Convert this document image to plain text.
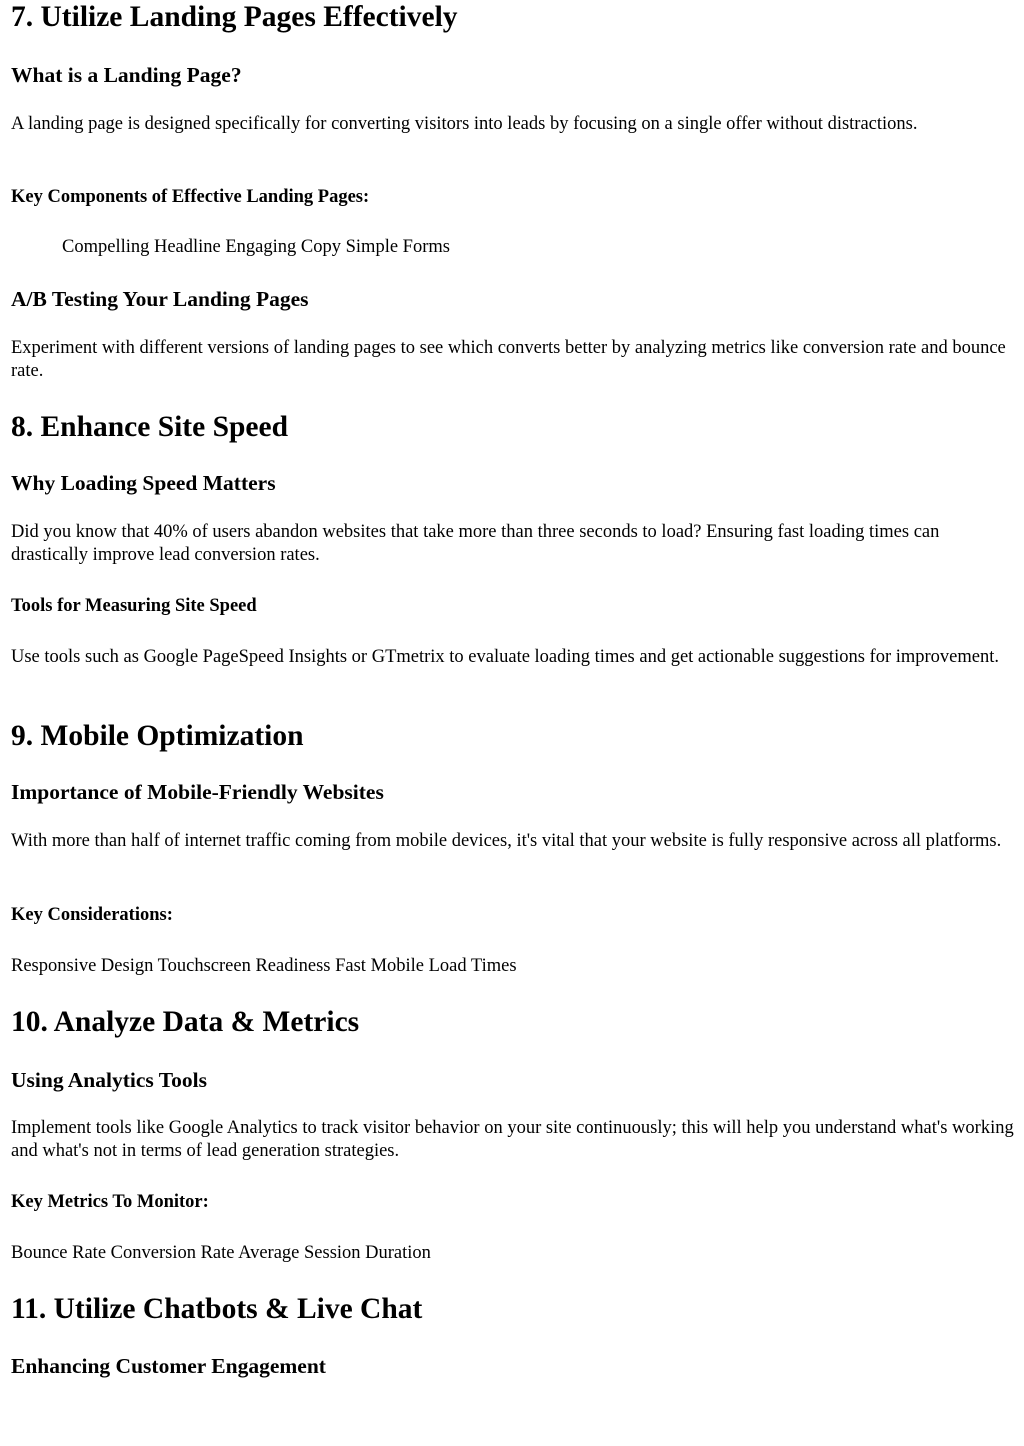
7. Utilize Landing Pages Effectively
What is a Landing Page?

A landing page is designed specifically for converting visitors into leads by focusing on a single offer without distractions.

Key Components of Effective Landing Pages:

Compelling Headline Engaging Copy Simple Forms

A/B Testing Your Landing Pages

Experiment with different versions of landing pages to see which converts better by analyzing metrics like conversion rate and bounce rate.

8. Enhance Site Speed
Why Loading Speed Matters

Did you know that 40% of users abandon websites that take more than three seconds to load? Ensuring fast loading times can drastically improve lead conversion rates.

Tools for Measuring Site Speed

Use tools such as Google PageSpeed Insights or GTmetrix to evaluate loading times and get actionable suggestions for improvement.

9. Mobile Optimization
Importance of Mobile-Friendly Websites

With more than half of internet traffic coming from mobile devices, it's vital that your website is fully responsive across all platforms.

Key Considerations:

Responsive Design Touchscreen Readiness Fast Mobile Load Times

10. Analyze Data & Metrics
Using Analytics Tools

Implement tools like Google Analytics to track visitor behavior on your site continuously; this will help you understand what's working and what's not in terms of lead generation strategies.

Key Metrics To Monitor:

Bounce Rate Conversion Rate Average Session Duration

11. Utilize Chatbots & Live Chat
Enhancing Customer Engagement
